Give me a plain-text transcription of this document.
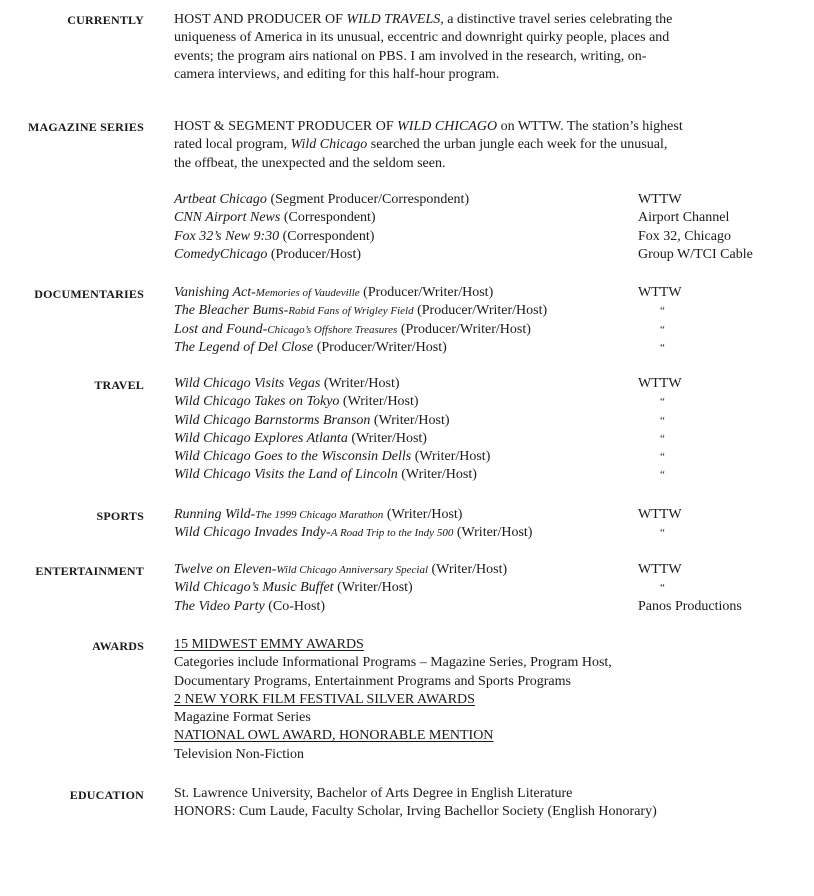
CURRENTLY HOST AND PRODUCER OF WILD TRAVELS, a distinctive travel series celebrating the
uniqueness of America in its unusual, eccentric and downright quirky people, places and
events; the program airs national on PBS. I am involved in the research, writing, on-
camera interviews, and editing for this half-hour program.
MAGAZINE SERIES HOST & SEGMENT PRODUCER OF WILD CHICAGO on WTTW. The station’s highest
rated local program, Wild Chicago searched the urban jungle each week for the unusual,
the offbeat, the unexpected and the seldom seen.
Artbeat Chicago (Segment Producer/Correspondent)	WTTW
CNN Airport News (Correspondent)	Airport Channel
Fox 32’s New 9:30 (Correspondent)	Fox 32, Chicago
ComedyChicago (Producer/Host)	Group W/TCI Cable
DOCUMENTARIES Vanishing Act-Memories of Vaudeville (Producer/Writer/Host)	WTTW
The Bleacher Bums-Rabid Fans of Wrigley Field (Producer/Writer/Host)	“
Lost and Found-Chicago’s Offshore Treasures (Producer/Writer/Host)	“
The Legend of Del Close (Producer/Writer/Host)	“
TRAVEL Wild Chicago Visits Vegas (Writer/Host)	WTTW
Wild Chicago Takes on Tokyo (Writer/Host)	“
Wild Chicago Barnstorms Branson (Writer/Host)	“
Wild Chicago Explores Atlanta (Writer/Host)	“
Wild Chicago Goes to the Wisconsin Dells (Writer/Host)	“
Wild Chicago Visits the Land of Lincoln (Writer/Host)	“
SPORTS Running Wild-The 1999 Chicago Marathon (Writer/Host)	WTTW
Wild Chicago Invades Indy-A Road Trip to the Indy 500 (Writer/Host)	“
ENTERTAINMENT Twelve on Eleven-Wild Chicago Anniversary Special (Writer/Host)	WTTW
Wild Chicago’s Music Buffet (Writer/Host)	“
The Video Party (Co-Host)	Panos Productions
AWARDS 15 MIDWEST EMMY AWARDS
Categories include Informational Programs – Magazine Series, Program Host,
Documentary Programs, Entertainment Programs and Sports Programs
2 NEW YORK FILM FESTIVAL SILVER AWARDS
Magazine Format Series
NATIONAL OWL AWARD, HONORABLE MENTION
Television Non-Fiction
EDUCATION St. Lawrence University, Bachelor of Arts Degree in English Literature
HONORS: Cum Laude, Faculty Scholar, Irving Bachellor Society (English Honorary)
